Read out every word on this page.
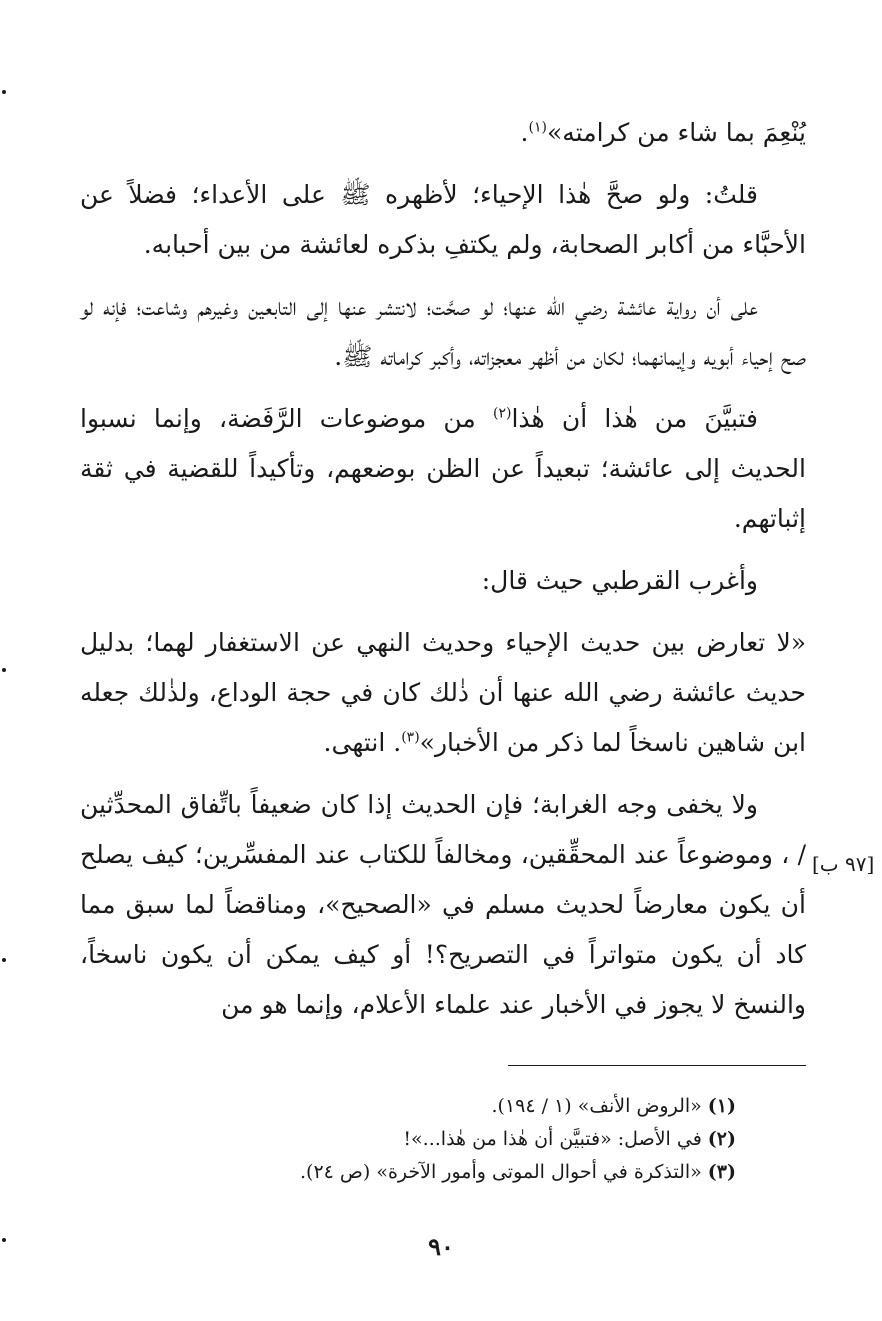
يُنْعِمَ بما شاء من كرامته»$^{(١)}$.

قلتُ: ولو صحَّ هٰذا الإحياء؛ لأظهره ﷺ على الأعداء؛ فضلاً عن الأحبَّاء من أكابر الصحابة، ولم يكتفِ بذكره لعائشة من بين أحبابه.

على أن رواية عائشة رضي الله عنها؛ لو صحَّت؛ لانتشر عنها إلى التابعين وغيرهم وشاعت؛ فإنه لو صح إحياء أبويه وإيمانهما؛ لكان من أظهر معجزاته، وأكبر كراماته ﷺ.

فتبيَّنَ من هٰذا أن هٰذا$^{(٢)}$ من موضوعات الرَّفَضة، وإنما نسبوا الحديث إلى عائشة؛ تبعيداً عن الظن بوضعهم، وتأكيداً للقضية في ثقة إثباتهم.

وأغرب القرطبي حيث قال:

«لا تعارض بين حديث الإحياء وحديث النهي عن الاستغفار لهما؛ بدليل حديث عائشة رضي الله عنها أن ذٰلك كان في حجة الوداع، ولذٰلك جعله ابن شاهين ناسخاً لما ذكر من الأخبار»$^{(٣)}$. انتهى.

ولا يخفى وجه الغرابة؛ فإن الحديث إذا كان ضعيفاً باتِّفاق المحدِّثين / ، وموضوعاً عند المحقِّقين، ومخالفاً للكتاب عند المفسِّرين؛ كيف يصلح أن يكون معارضاً لحديث مسلم في «الصحيح»، ومناقضاً لما سبق مما كاد أن يكون متواتراً في التصريح؟! أو كيف يمكن أن يكون ناسخاً، والنسخ لا يجوز في الأخبار عند علماء الأعلام، وإنما هو من

[٩٧ ب]

(١)«الروض الأنف» (١ / ١٩٤).

(٢)في الأصل: «فتبيَّن أن هٰذا من هٰذا...»!

(٣)«التذكرة في أحوال الموتى وأمور الآخرة» (ص ٢٤).

٩٠
